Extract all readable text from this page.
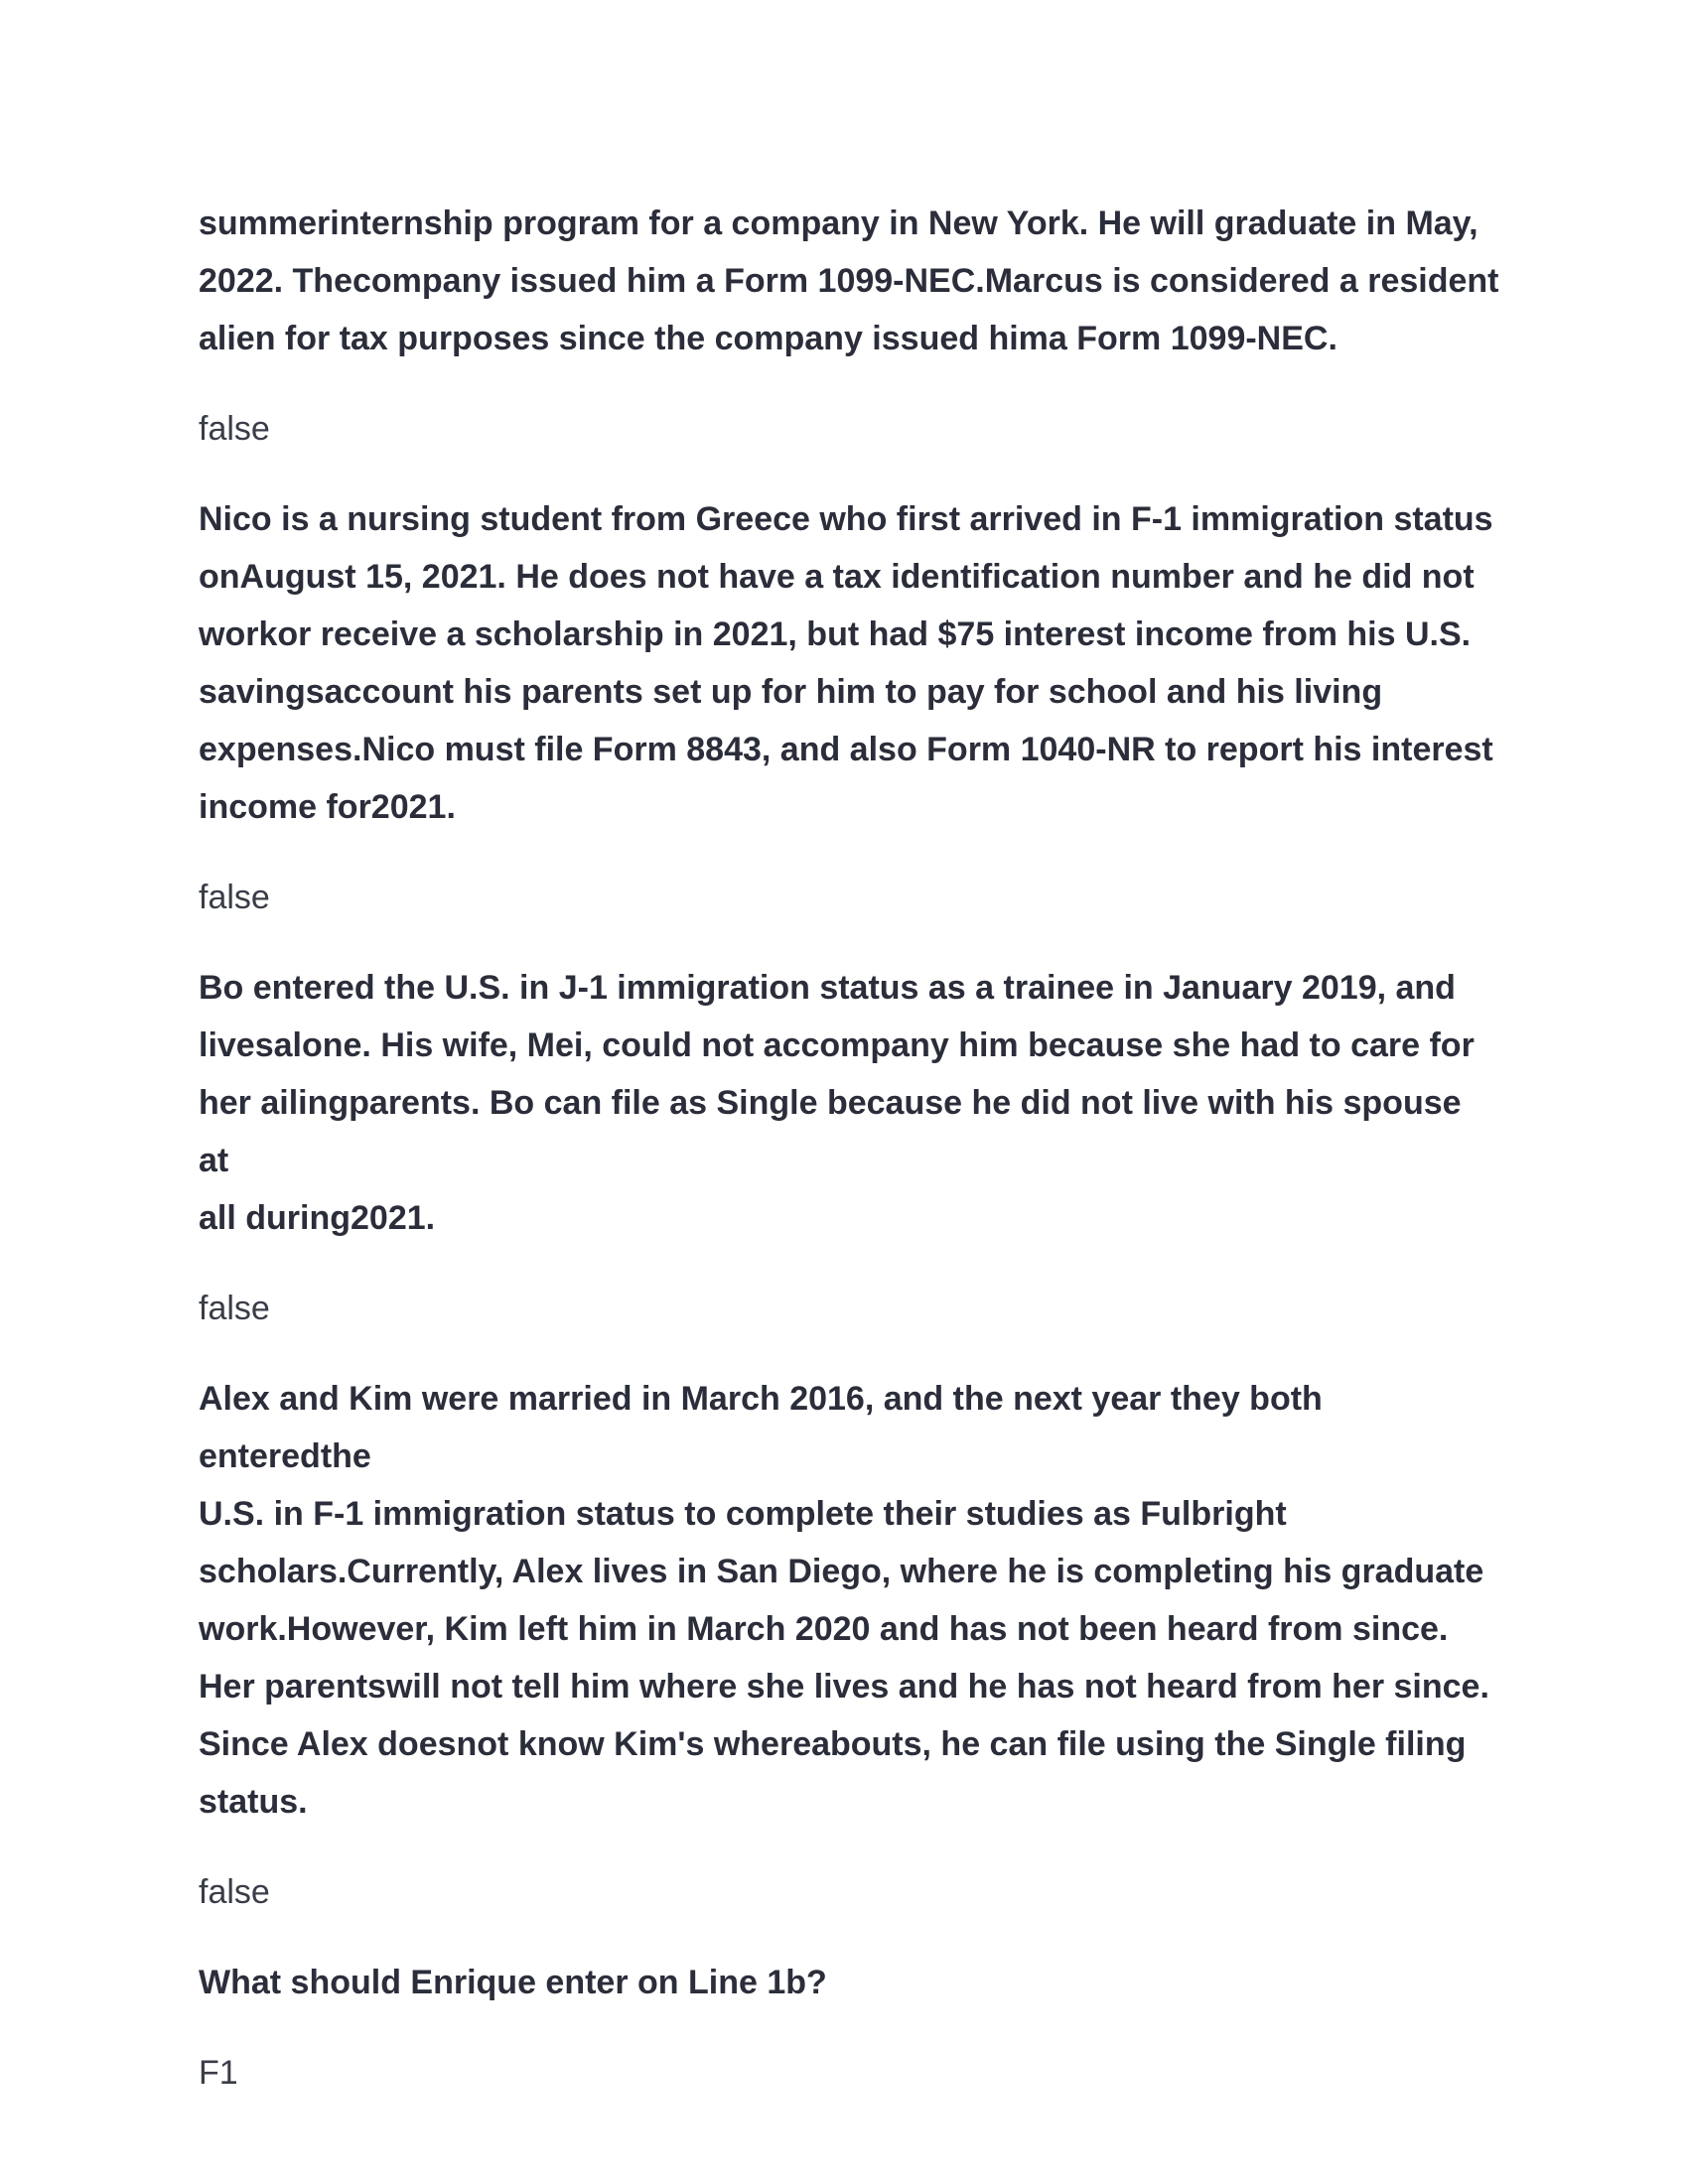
summerinternship program for a company in New York. He will graduate in May,

2022. Thecompany issued him a Form 1099-NEC.Marcus is considered a resident

alien for tax purposes since the company issued hima Form 1099-NEC.

false

Nico is a nursing student from Greece who first arrived in F-1 immigration status

onAugust 15, 2021. He does not have a tax identification number and he did not

workor receive a scholarship in 2021, but had $75 interest income from his U.S.

savingsaccount his parents set up for him to pay for school and his living

expenses.Nico must file Form 8843, and also Form 1040-NR to report his interest

income for2021.

false

Bo entered the U.S. in J-1 immigration status as a trainee in January 2019, and

livesalone. His wife, Mei, could not accompany him because she had to care for

her ailingparents. Bo can file as Single because he did not live with his spouse at

all during2021.

false

Alex and Kim were married in March 2016, and the next year they both enteredthe

U.S. in F-1 immigration status to complete their studies as Fulbright

scholars.Currently, Alex lives in San Diego, where he is completing his graduate

work.However, Kim left him in March 2020 and has not been heard from since.

Her parentswill not tell him where she lives and he has not heard from her since.

Since Alex doesnot know Kim's whereabouts, he can file using the Single filing

status.

false

What should Enrique enter on Line 1b?

F1
